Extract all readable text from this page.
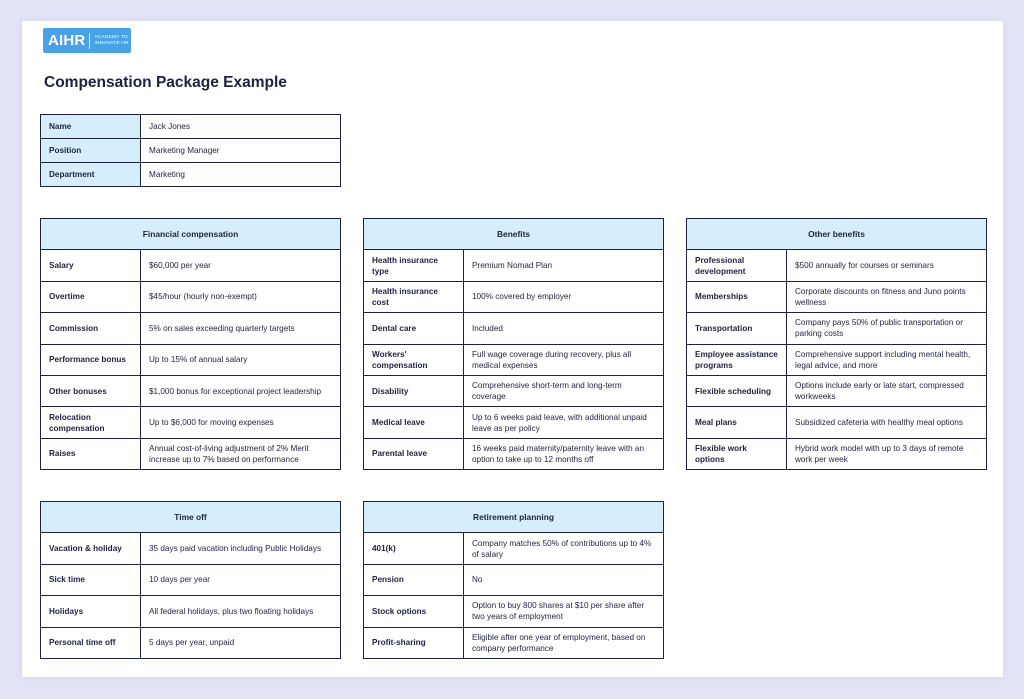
AIHR ACADEMY TO
INNOVATE HR
Compensation Package Example
Name	Jack Jones
Position	Marketing Manager
Department	Marketing
Financial compensation	
Salary	$60,000 per year
Overtime	$45/hour (hourly non-exempt)
Commission	5% on sales exceeding quarterly targets
Performance bonus	Up to 15% of annual salary
Other bonuses	$1,000 bonus for exceptional project leadership
Relocation compensation	Up to $6,000 for moving expenses
Raises	Annual cost-of-living adjustment of 2% Merit increase up to 7% based on performance
Benefits	
Health insurance type	Premium Nomad Plan
Health insurance cost	100% covered by employer
Dental care	Included
Workers' compensation	Full wage coverage during recovery, plus all medical expenses
Disability	Comprehensive short-term and long-term coverage
Medical leave	Up to 6 weeks paid leave, with additional unpaid leave as per policy
Parental leave	16 weeks paid maternity/paternity leave with an option to take up to 12 months off
Other benefits	
Professional development	$500 annually for courses or seminars
Memberships	Corporate discounts on fitness and Juno points wellness
Transportation	Company pays 50% of public transportation or parking costs
Employee assistance programs	Comprehensive support including mental health, legal advice, and more
Flexible scheduling	Options include early or late start, compressed workweeks
Meal plans	Subsidized cafeteria with healthy meal options
Flexible work options	Hybrid work model with up to 3 days of remote work per week
Time off	
Vacation & holiday	35 days paid vacation including Public Holidays
Sick time	10 days per year
Holidays	All federal holidays, plus two floating holidays
Personal time off	5 days per year, unpaid
Retirement planning	
401(k)	Company matches 50% of contributions up to 4% of salary
Pension	No
Stock options	Option to buy 800 shares at $10 per share after two years of employment
Profit-sharing	Eligible after one year of employment, based on company performance
